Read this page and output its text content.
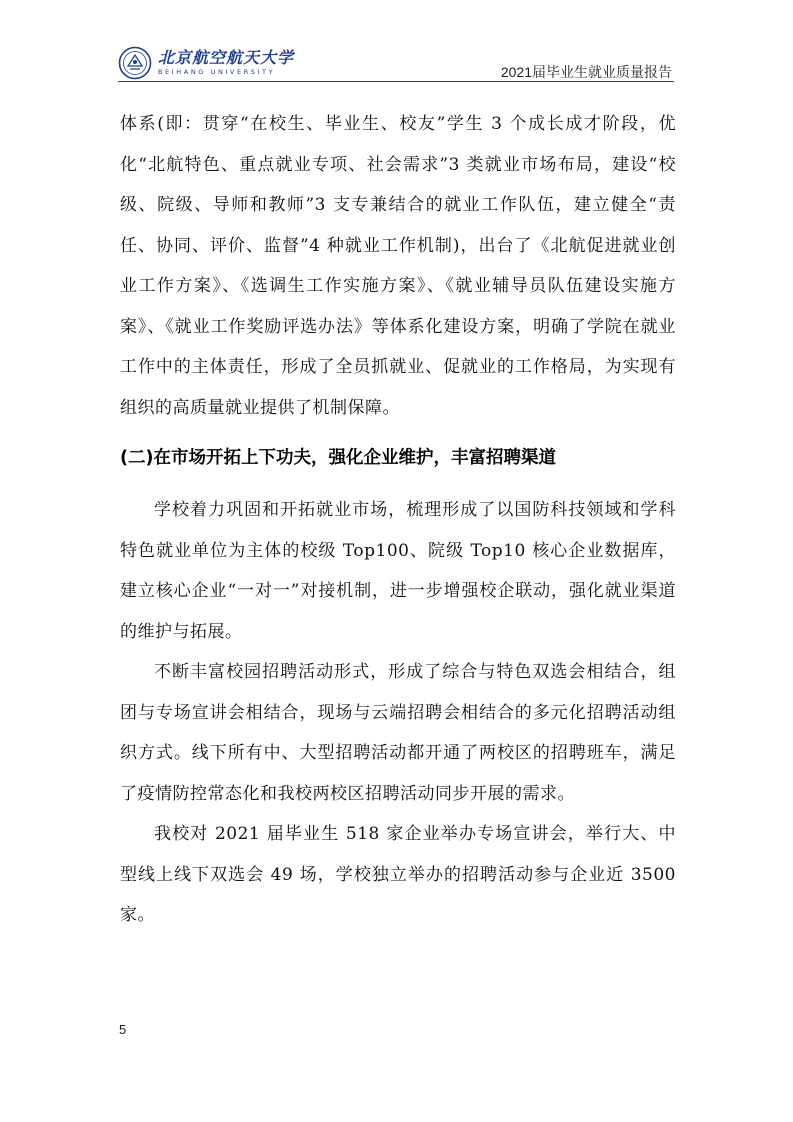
北京航空航天大学
BEIHANG UNIVERSITY	2021届毕业生就业质量报告

体系(即：贯穿“在校生、毕业生、校友”学生 3 个成长成才阶段，优化“北航特色、重点就业专项、社会需求”3 类就业市场布局，建设“校级、院级、导师和教师”3 支专兼结合的就业工作队伍，建立健全“责任、协同、评价、监督”4 种就业工作机制)，出台了《北航促进就业创业工作方案》、《选调生工作实施方案》、《就业辅导员队伍建设实施方案》、《就业工作奖励评选办法》等体系化建设方案，明确了学院在就业工作中的主体责任，形成了全员抓就业、促就业的工作格局，为实现有组织的高质量就业提供了机制保障。

(二)在市场开拓上下功夫，强化企业维护，丰富招聘渠道

学校着力巩固和开拓就业市场，梳理形成了以国防科技领域和学科特色就业单位为主体的校级 Top100、院级 Top10 核心企业数据库，建立核心企业“一对一”对接机制，进一步增强校企联动，强化就业渠道的维护与拓展。

不断丰富校园招聘活动形式，形成了综合与特色双选会相结合，组团与专场宣讲会相结合，现场与云端招聘会相结合的多元化招聘活动组织方式。线下所有中、大型招聘活动都开通了两校区的招聘班车，满足了疫情防控常态化和我校两校区招聘活动同步开展的需求。

我校对 2021 届毕业生 518 家企业举办专场宣讲会，举行大、中型线上线下双选会 49 场，学校独立举办的招聘活动参与企业近 3500 家。

5
